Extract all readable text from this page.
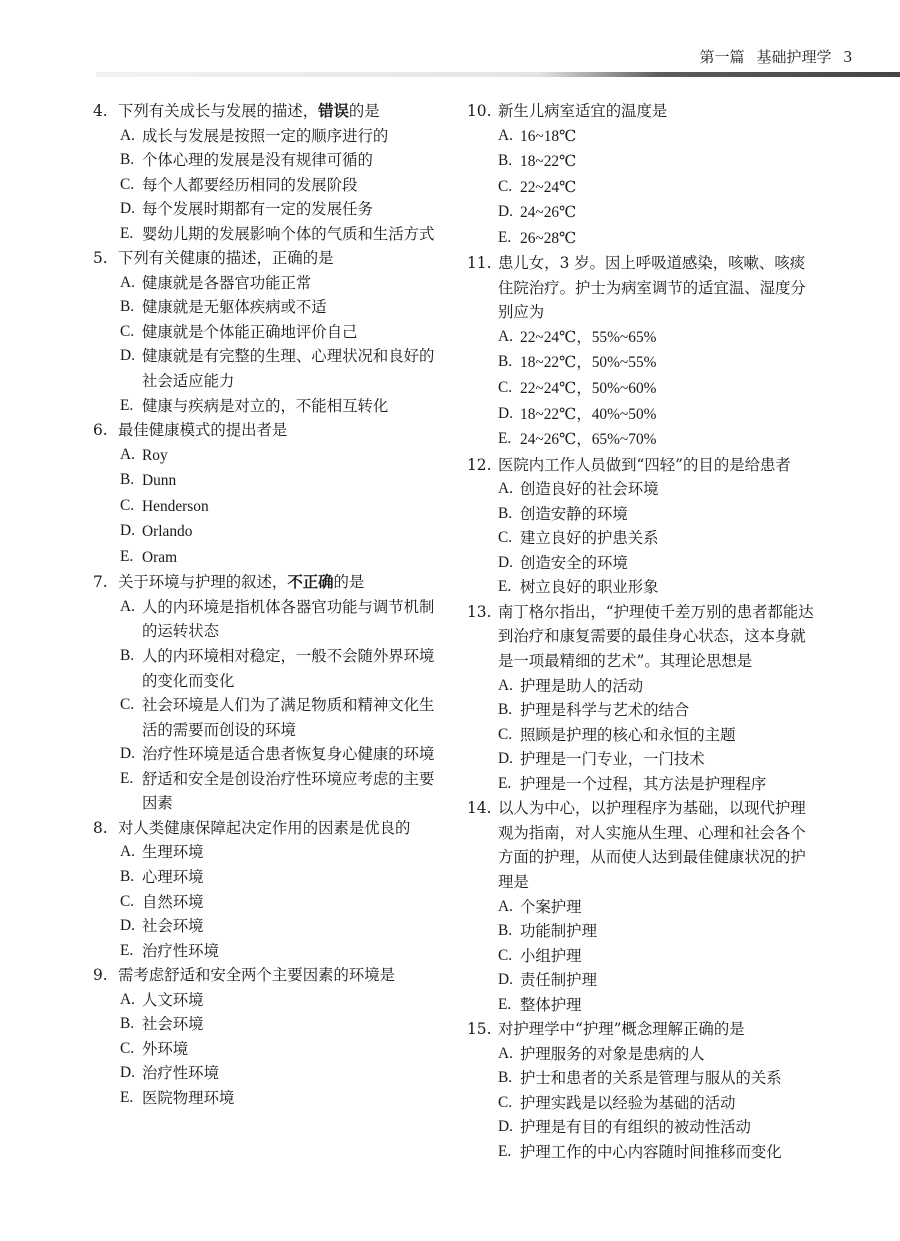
第一篇 基础护理学 3
4. 下列有关成长与发展的描述，错误的是
A. 成长与发展是按照一定的顺序进行的
B. 个体心理的发展是没有规律可循的
C. 每个人都要经历相同的发展阶段
D. 每个发展时期都有一定的发展任务
E. 婴幼儿期的发展影响个体的气质和生活方式
5. 下列有关健康的描述，正确的是
A. 健康就是各器官功能正常
B. 健康就是无躯体疾病或不适
C. 健康就是个体能正确地评价自己
D. 健康就是有完整的生理、心理状况和良好的社会适应能力
E. 健康与疾病是对立的，不能相互转化
6. 最佳健康模式的提出者是
A. Roy
B. Dunn
C. Henderson
D. Orlando
E. Oram
7. 关于环境与护理的叙述，不正确的是
A. 人的内环境是指机体各器官功能与调节机制的运转状态
B. 人的内环境相对稳定，一般不会随外界环境的变化而变化
C. 社会环境是人们为了满足物质和精神文化生活的需要而创设的环境
D. 治疗性环境是适合患者恢复身心健康的环境
E. 舒适和安全是创设治疗性环境应考虑的主要因素
8. 对人类健康保障起决定作用的因素是优良的
A. 生理环境
B. 心理环境
C. 自然环境
D. 社会环境
E. 治疗性环境
9. 需考虑舒适和安全两个主要因素的环境是
A. 人文环境
B. 社会环境
C. 外环境
D. 治疗性环境
E. 医院物理环境
10. 新生儿病室适宜的温度是
A. 16~18℃
B. 18~22℃
C. 22~24℃
D. 24~26℃
E. 26~28℃
11. 患儿女，3 岁。因上呼吸道感染，咳嗽、咳痰住院治疗。护士为病室调节的适宜温、湿度分别应为
A. 22~24℃，55%~65%
B. 18~22℃，50%~55%
C. 22~24℃，50%~60%
D. 18~22℃，40%~50%
E. 24~26℃，65%~70%
12. 医院内工作人员做到“四轻”的目的是给患者
A. 创造良好的社会环境
B. 创造安静的环境
C. 建立良好的护患关系
D. 创造安全的环境
E. 树立良好的职业形象
13. 南丁格尔指出，“护理使千差万别的患者都能达到治疗和康复需要的最佳身心状态，这本身就是一项最精细的艺术”。其理论思想是
A. 护理是助人的活动
B. 护理是科学与艺术的结合
C. 照顾是护理的核心和永恒的主题
D. 护理是一门专业，一门技术
E. 护理是一个过程，其方法是护理程序
14. 以人为中心，以护理程序为基础，以现代护理观为指南，对人实施从生理、心理和社会各个方面的护理，从而使人达到最佳健康状况的护理是
A. 个案护理
B. 功能制护理
C. 小组护理
D. 责任制护理
E. 整体护理
15. 对护理学中“护理”概念理解正确的是
A. 护理服务的对象是患病的人
B. 护士和患者的关系是管理与服从的关系
C. 护理实践是以经验为基础的活动
D. 护理是有目的有组织的被动性活动
E. 护理工作的中心内容随时间推移而变化
